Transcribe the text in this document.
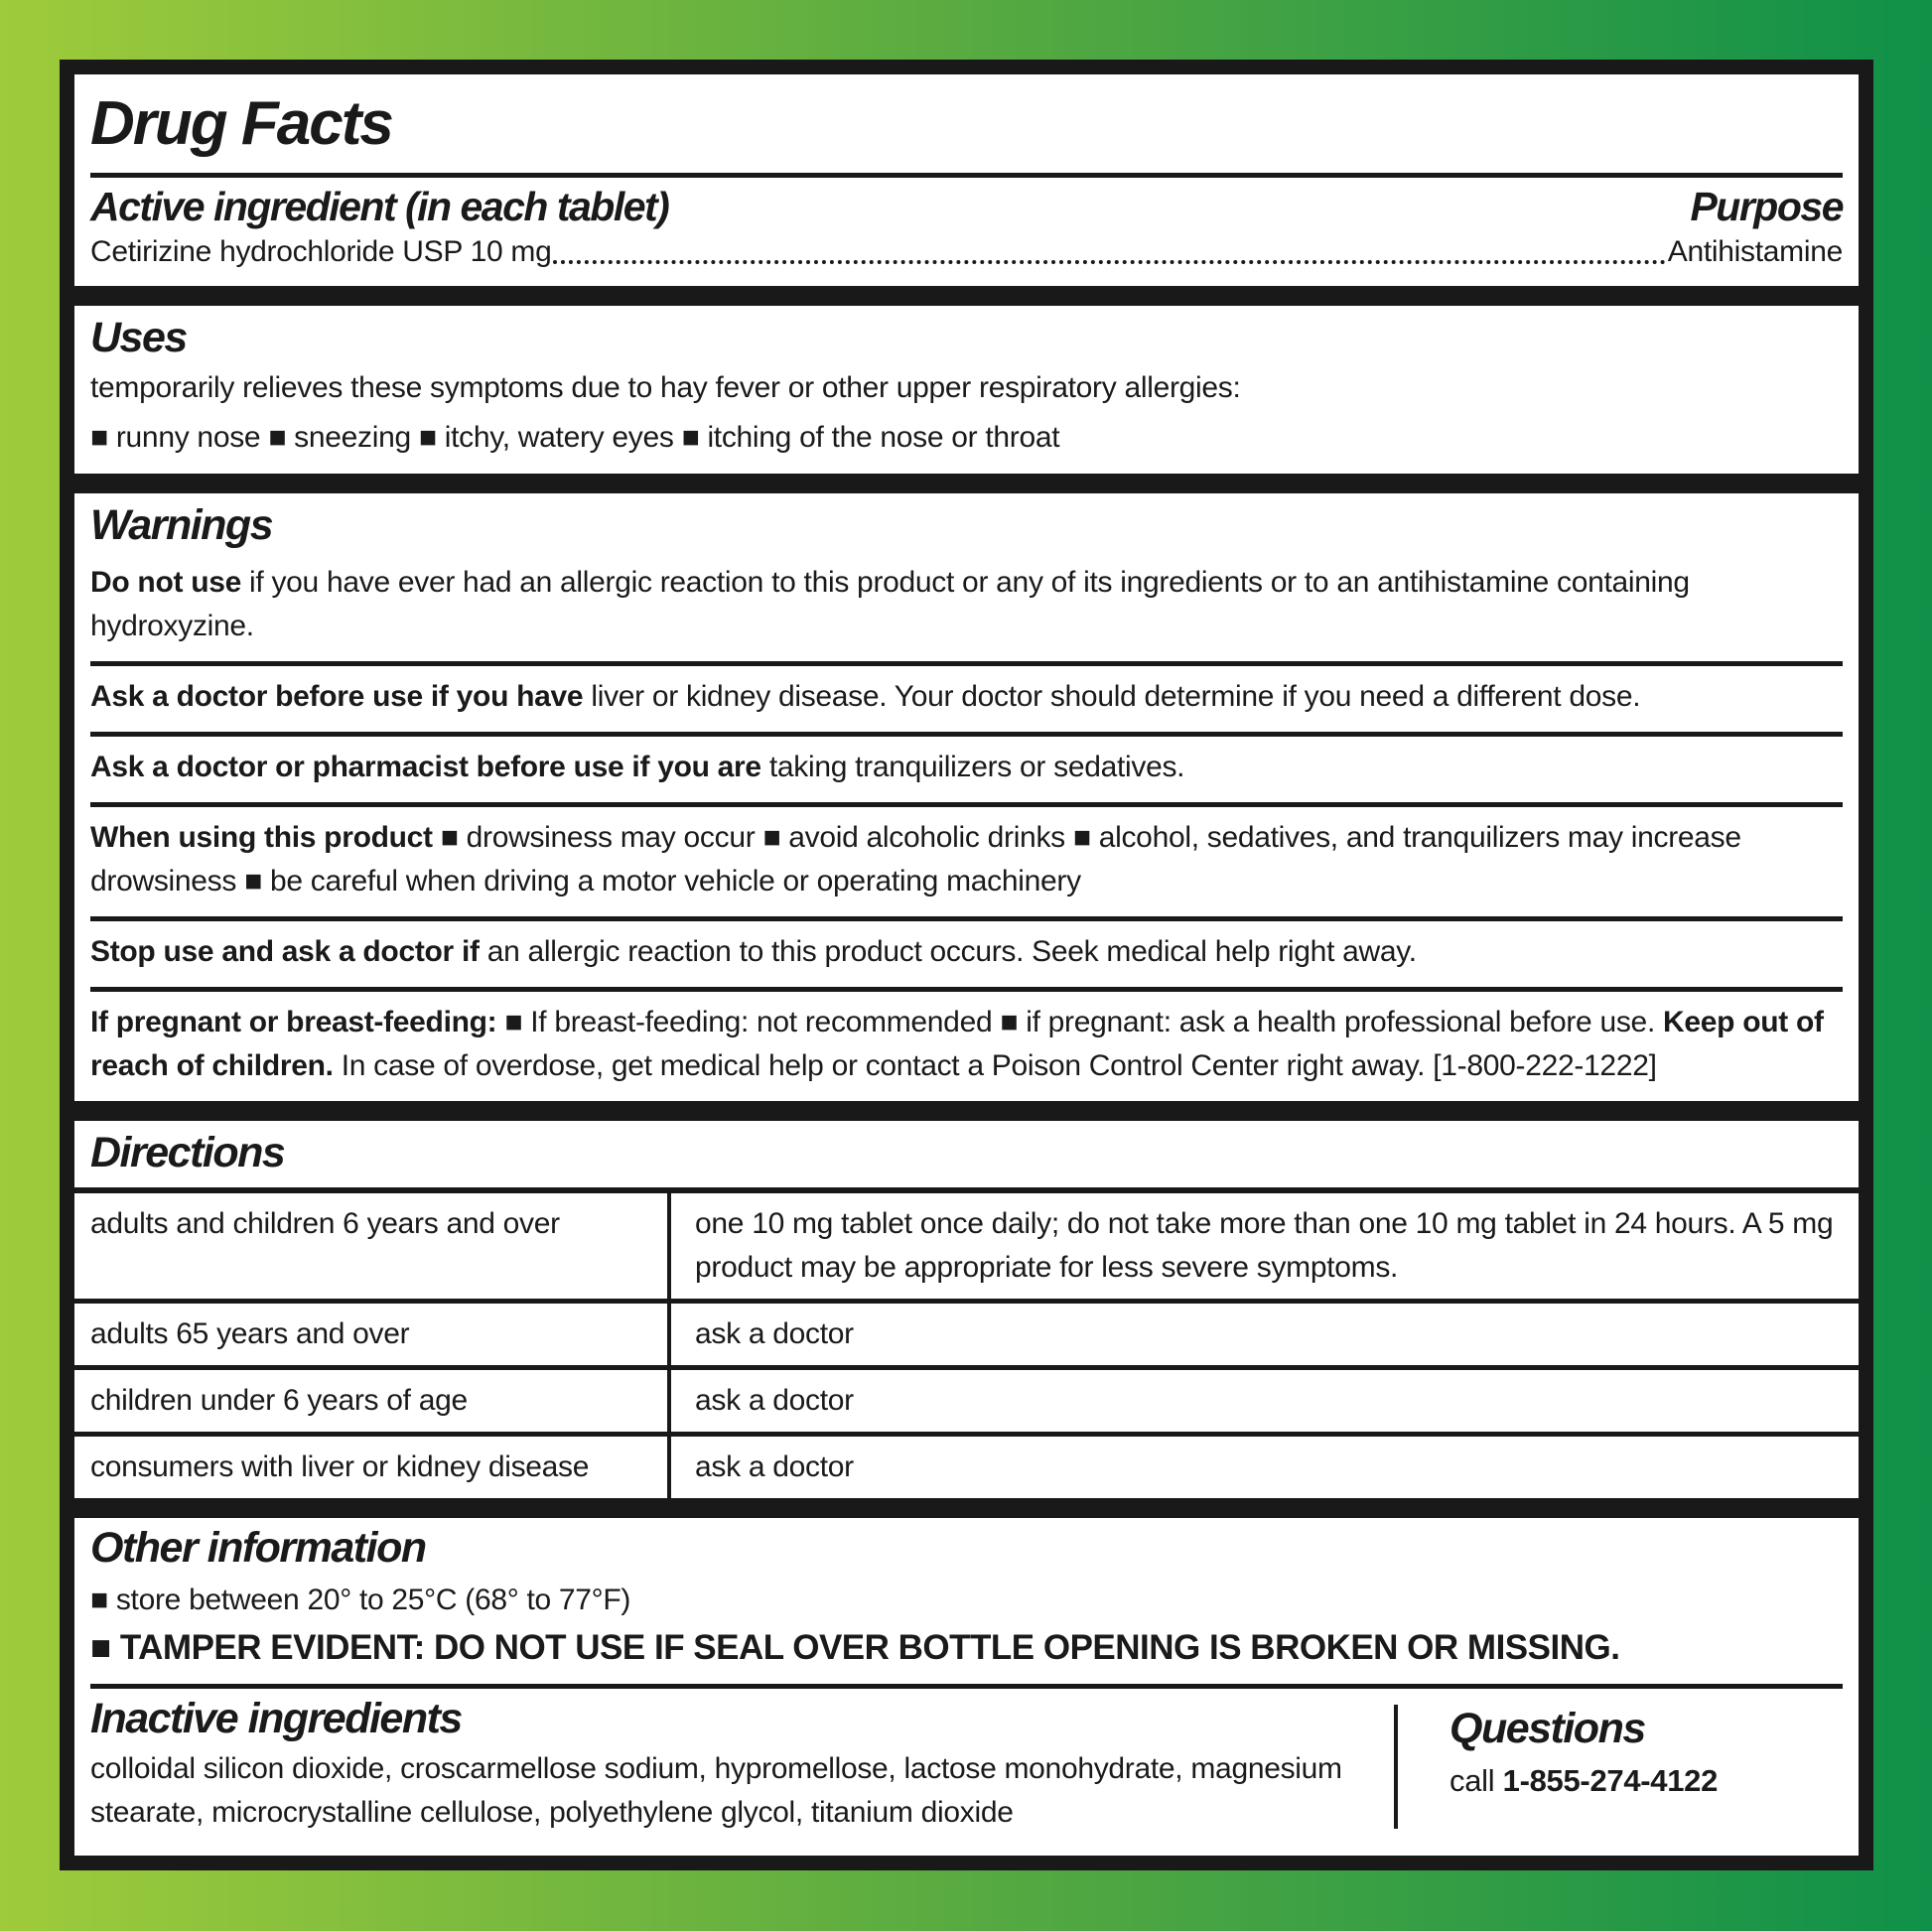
Drug Facts
Active ingredient (in each tablet)	Purpose
Cetirizine hydrochloride USP 10 mg	Antihistamine
Uses

temporarily relieves these symptoms due to hay fever or other upper respiratory allergies:

■ runny nose ■ sneezing ■ itchy, watery eyes ■ itching of the nose or throat

Warnings

Do not use if you have ever had an allergic reaction to this product or any of its ingredients or to an antihistamine containing hydroxyzine.

Ask a doctor before use if you have liver or kidney disease. Your doctor should determine if you need a different dose.

Ask a doctor or pharmacist before use if you are taking tranquilizers or sedatives.

When using this product ■ drowsiness may occur ■ avoid alcoholic drinks ■ alcohol, sedatives, and tranquilizers may increase drowsiness ■ be careful when driving a motor vehicle or operating machinery

Stop use and ask a doctor if an allergic reaction to this product occurs. Seek medical help right away.

If pregnant or breast-feeding: ■ If breast-feeding: not recommended ■ if pregnant: ask a health professional before use. Keep out of reach of children. In case of overdose, get medical help or contact a Poison Control Center right away. [1-800-222-1222]

Directions
adults and children 6 years and over	one 10 mg tablet once daily; do not take more than one 10 mg tablet in 24 hours. A 5 mg product may be appropriate for less severe symptoms.
adults 65 years and over	ask a doctor
children under 6 years of age	ask a doctor
consumers with liver or kidney disease	ask a doctor
Other information

■ store between 20° to 25°C (68° to 77°F)

■ TAMPER EVIDENT: DO NOT USE IF SEAL OVER BOTTLE OPENING IS BROKEN OR MISSING.

Inactive ingredients

colloidal silicon dioxide, croscarmellose sodium, hypromellose, lactose monohydrate, magnesium stearate, microcrystalline cellulose, polyethylene glycol, titanium dioxide

Questions

call 1-855-274-4122
